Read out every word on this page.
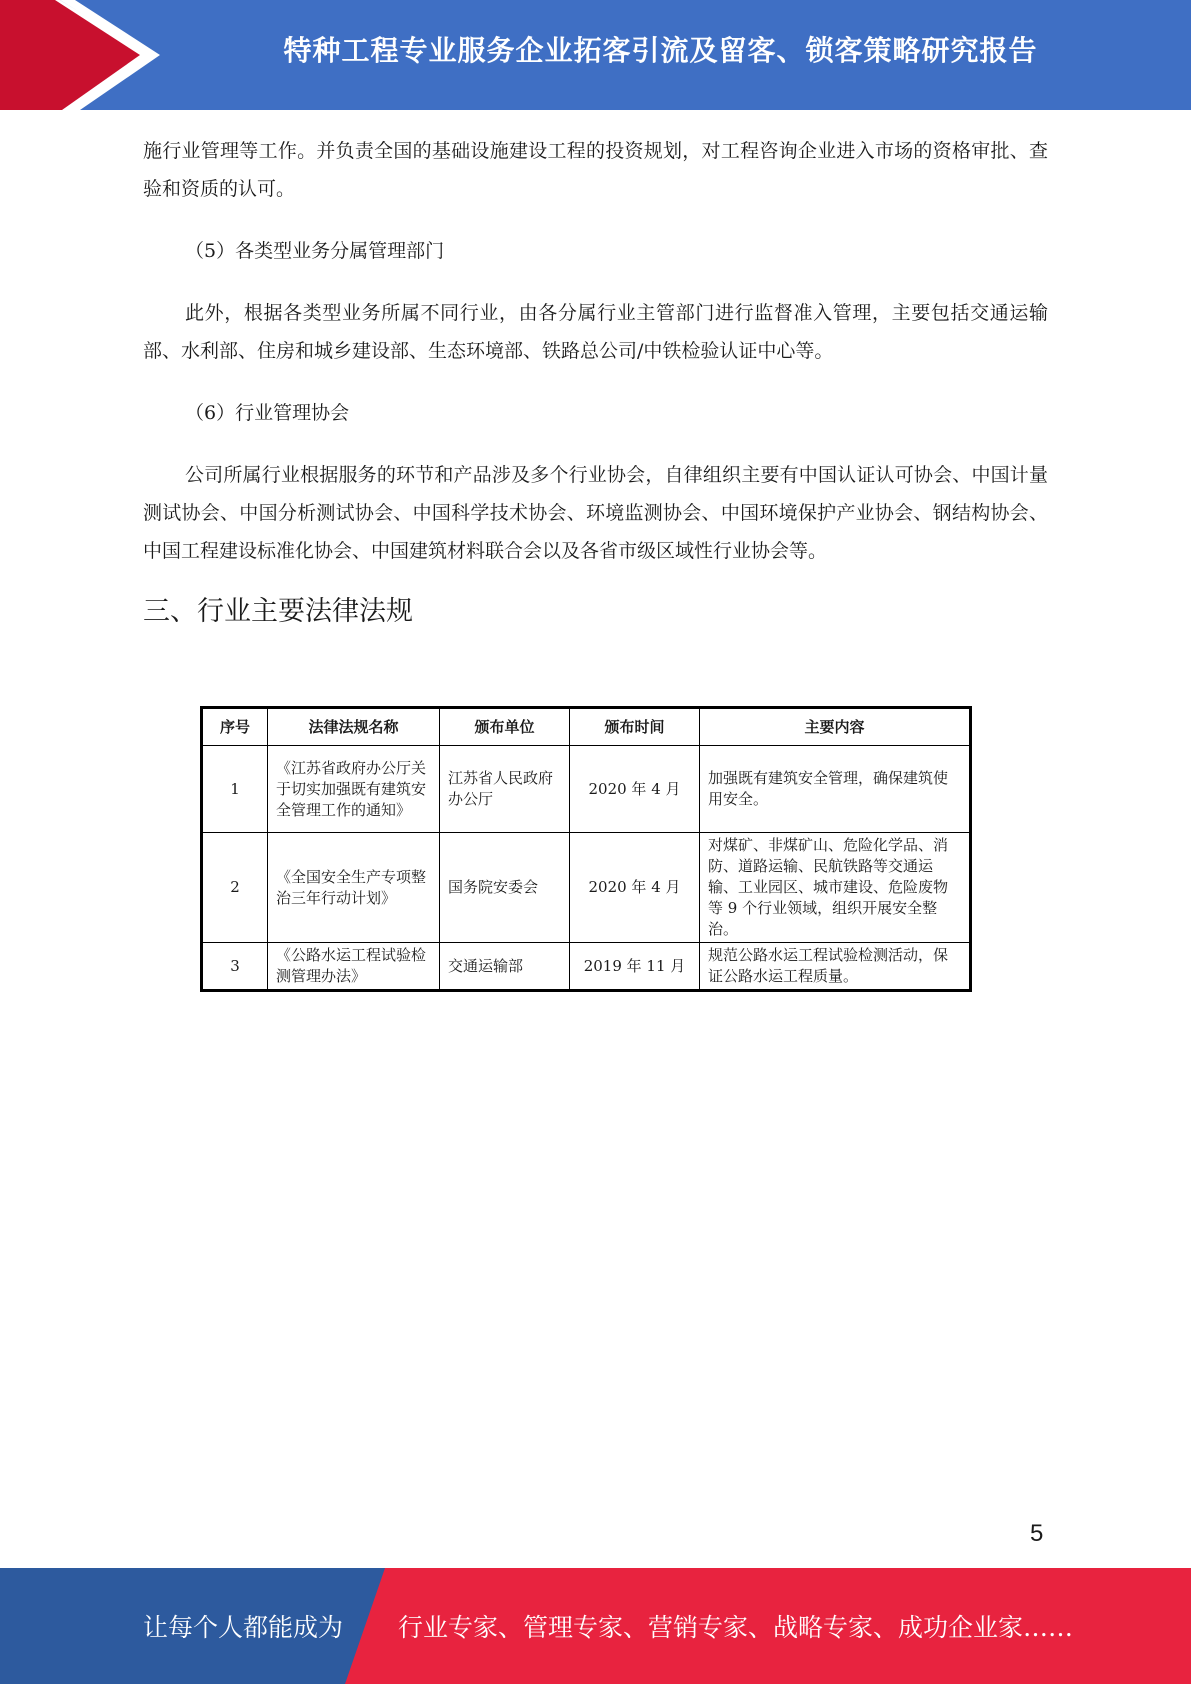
特种工程专业服务企业拓客引流及留客、锁客策略研究报告

施行业管理等工作。并负责全国的基础设施建设工程的投资规划，对工程咨询企业进入市场的资格审批、查验和资质的认可。

（5）各类型业务分属管理部门

此外，根据各类型业务所属不同行业，由各分属行业主管部门进行监督准入管理，主要包括交通运输部、水利部、住房和城乡建设部、生态环境部、铁路总公司/中铁检验认证中心等。

（6）行业管理协会

公司所属行业根据服务的环节和产品涉及多个行业协会，自律组织主要有中国认证认可协会、中国计量测试协会、中国分析测试协会、中国科学技术协会、环境监测协会、中国环境保护产业协会、钢结构协会、中国工程建设标准化协会、中国建筑材料联合会以及各省市级区域性行业协会等。

三、行业主要法律法规
序号	法律法规名称	颁布单位	颁布时间	主要内容
1	《江苏省政府办公厅关于切实加强既有建筑安全管理工作的通知》	江苏省人民政府办公厅	2020 年 4 月	加强既有建筑安全管理，确保建筑使用安全。
2	《全国安全生产专项整治三年行动计划》	国务院安委会	2020 年 4 月	对煤矿、非煤矿山、危险化学品、消防、道路运输、民航铁路等交通运输、工业园区、城市建设、危险废物等 9 个行业领域，组织开展安全整治。
3	《公路水运工程试验检测管理办法》	交通运输部	2019 年 11 月	规范公路水运工程试验检测活动，保证公路水运工程质量。
5
让每个人都能成为 行业专家、管理专家、营销专家、战略专家、成功企业家……
